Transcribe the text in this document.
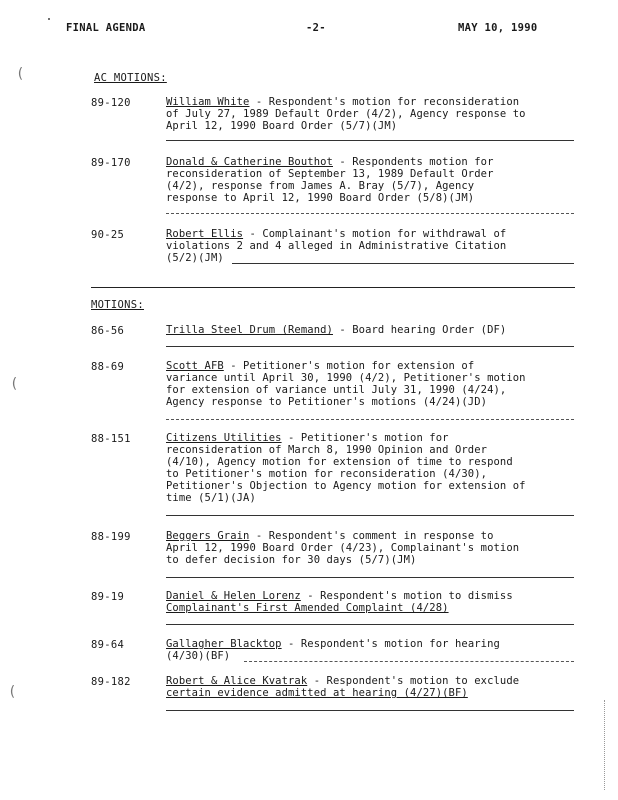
FINAL AGENDA	-2-	MAY 10, 1990
(
(
(
AC MOTIONS:
89-120	William White - Respondent's motion for reconsideration
of July 27, 1989 Default Order (4/2), Agency response to
April 12, 1990 Board Order (5/7)(JM)
89-170	Donald & Catherine Bouthot - Respondents motion for
reconsideration of September 13, 1989 Default Order
(4/2), response from James A. Bray (5/7), Agency
response to April 12, 1990 Board Order (5/8)(JM)
90-25	Robert Ellis - Complainant's motion for withdrawal of
violations 2 and 4 alleged in Administrative Citation
(5/2)(JM)
MOTIONS:
86-56	Trilla Steel Drum (Remand) - Board hearing Order (DF)
88-69	Scott AFB - Petitioner's motion for extension of
variance until April 30, 1990 (4/2), Petitioner's motion
for extension of variance until July 31, 1990 (4/24),
Agency response to Petitioner's motions (4/24)(JD)
88-151	Citizens Utilities - Petitioner's motion for
reconsideration of March 8, 1990 Opinion and Order
(4/10), Agency motion for extension of time to respond
to Petitioner's motion for reconsideration (4/30),
Petitioner's Objection to Agency motion for extension of
time (5/1)(JA)
88-199	Beggers Grain - Respondent's comment in response to
April 12, 1990 Board Order (4/23), Complainant's motion
to defer decision for 30 days (5/7)(JM)
89-19	Daniel & Helen Lorenz - Respondent's motion to dismiss
Complainant's First Amended Complaint (4/28)
89-64	Gallagher Blacktop - Respondent's motion for hearing
(4/30)(BF)
89-182	Robert & Alice Kvatrak - Respondent's motion to exclude
certain evidence admitted at hearing (4/27)(BF)
